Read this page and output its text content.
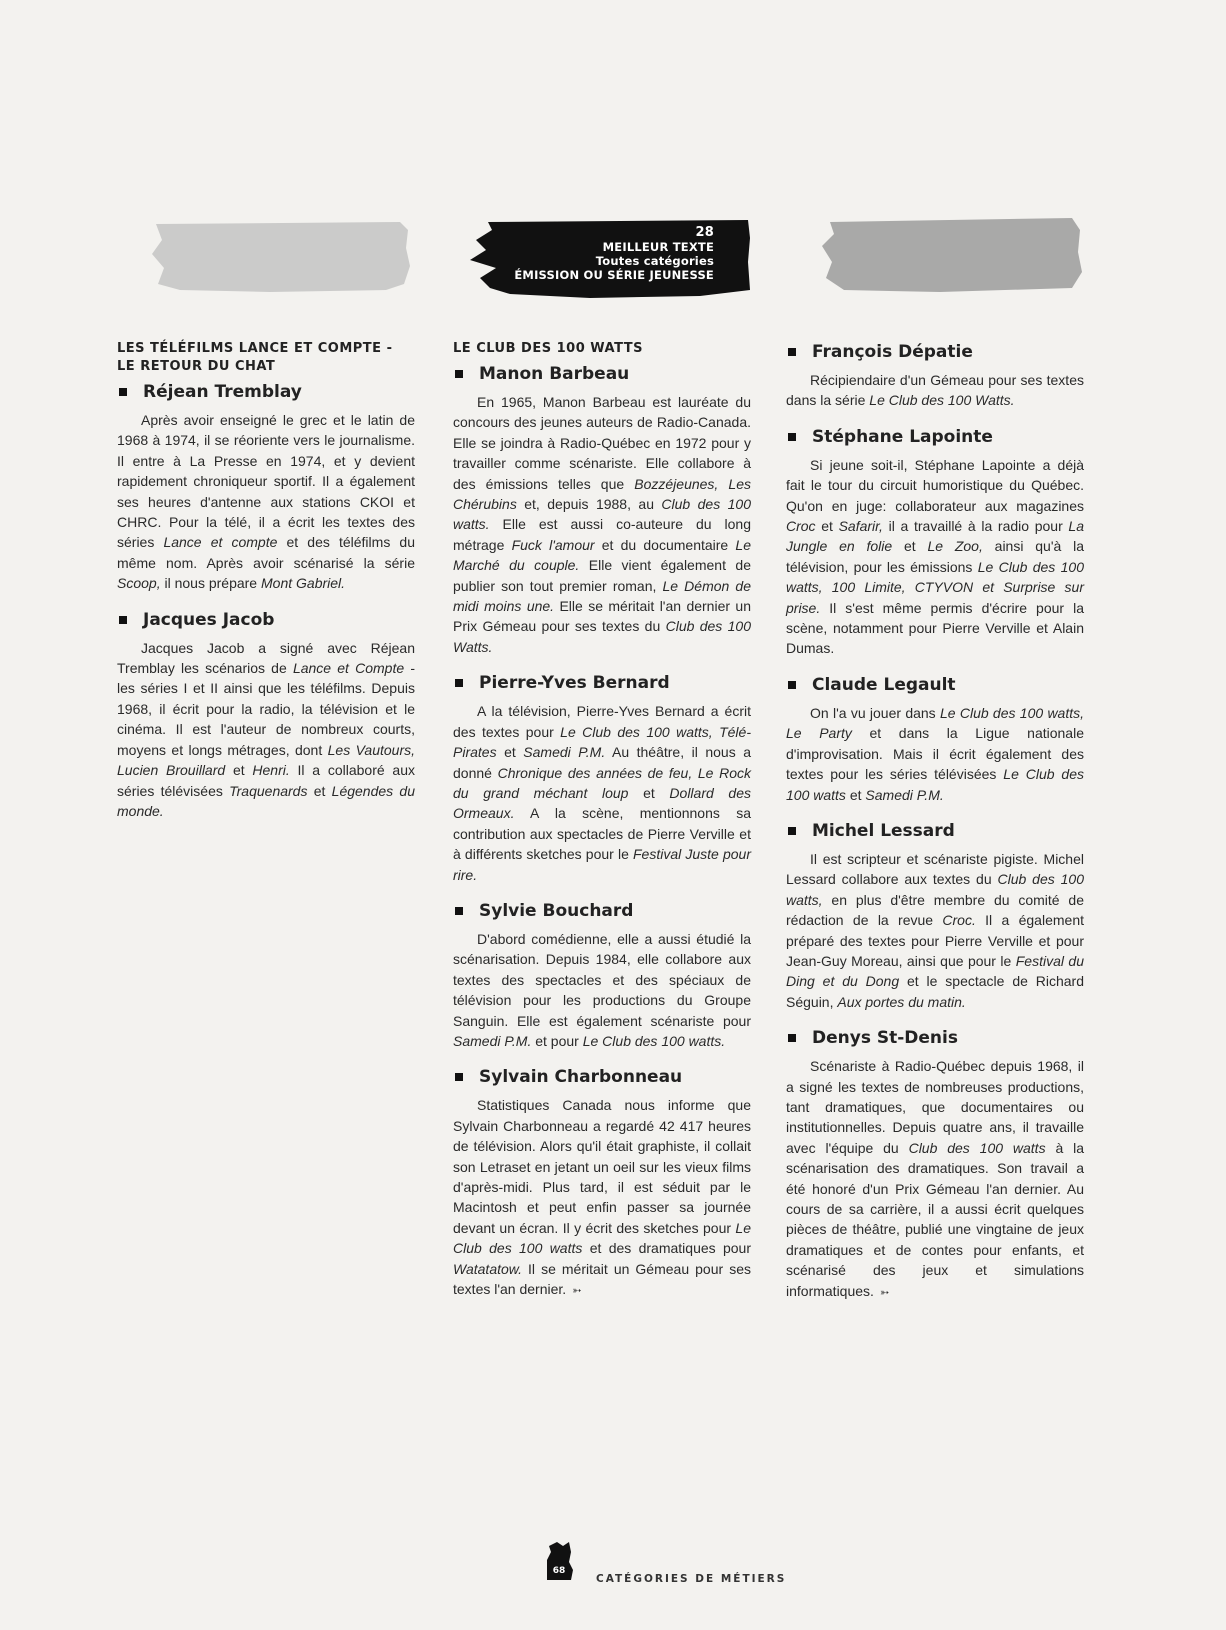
28
MEILLEUR TEXTE
Toutes catégories
ÉMISSION OU SÉRIE JEUNESSE
LES TÉLÉFILMS LANCE ET COMPTE -
LE RETOUR DU CHAT
Réjean Tremblay

Après avoir enseigné le grec et le latin de 1968 à 1974, il se réoriente vers le journalisme. Il entre à La Presse en 1974, et y devient rapidement chroniqueur sportif. Il a également ses heures d'antenne aux stations CKOI et CHRC. Pour la télé, il a écrit les textes des séries Lance et compte et des téléfilms du même nom. Après avoir scénarisé la série Scoop, il nous prépare Mont Gabriel.

Jacques Jacob

Jacques Jacob a signé avec Réjean Tremblay les scénarios de Lance et Compte - les séries I et II ainsi que les téléfilms. Depuis 1968, il écrit pour la radio, la télévision et le cinéma. Il est l'auteur de nombreux courts, moyens et longs métrages, dont Les Vautours, Lucien Brouillard et Henri. Il a collaboré aux séries télévisées Traquenards et Légendes du monde.

LE CLUB DES 100 WATTS
Manon Barbeau

En 1965, Manon Barbeau est lauréate du concours des jeunes auteurs de Radio-Canada. Elle se joindra à Radio-Québec en 1972 pour y travailler comme scénariste. Elle collabore à des émissions telles que Bozzéjeunes, Les Chérubins et, depuis 1988, au Club des 100 watts. Elle est aussi co-auteure du long métrage Fuck l'amour et du documentaire Le Marché du couple. Elle vient également de publier son tout premier roman, Le Démon de midi moins une. Elle se méritait l'an dernier un Prix Gémeau pour ses textes du Club des 100 Watts.

Pierre-Yves Bernard

A la télévision, Pierre-Yves Bernard a écrit des textes pour Le Club des 100 watts, Télé-Pirates et Samedi P.M. Au théâtre, il nous a donné Chronique des années de feu, Le Rock du grand méchant loup et Dollard des Ormeaux. A la scène, mentionnons sa contribution aux spectacles de Pierre Verville et à différents sketches pour le Festival Juste pour rire.

Sylvie Bouchard

D'abord comédienne, elle a aussi étudié la scénarisation. Depuis 1984, elle collabore aux textes des spectacles et des spéciaux de télévision pour les productions du Groupe Sanguin. Elle est également scénariste pour Samedi P.M. et pour Le Club des 100 watts.

Sylvain Charbonneau

Statistiques Canada nous informe que Sylvain Charbonneau a regardé 42 417 heures de télévision. Alors qu'il était graphiste, il collait son Letraset en jetant un oeil sur les vieux films d'après-midi. Plus tard, il est séduit par le Macintosh et peut enfin passer sa journée devant un écran. Il y écrit des sketches pour Le Club des 100 watts et des dramatiques pour Watatatow. Il se méritait un Gémeau pour ses textes l'an dernier. ➳

François Dépatie

Récipiendaire d'un Gémeau pour ses textes dans la série Le Club des 100 Watts.

Stéphane Lapointe

Si jeune soit-il, Stéphane Lapointe a déjà fait le tour du circuit humoristique du Québec. Qu'on en juge: collaborateur aux magazines Croc et Safarir, il a travaillé à la radio pour La Jungle en folie et Le Zoo, ainsi qu'à la télévision, pour les émissions Le Club des 100 watts, 100 Limite, CTYVON et Surprise sur prise. Il s'est même permis d'écrire pour la scène, notamment pour Pierre Verville et Alain Dumas.

Claude Legault

On l'a vu jouer dans Le Club des 100 watts, Le Party et dans la Ligue nationale d'improvisation. Mais il écrit également des textes pour les séries télévisées Le Club des 100 watts et Samedi P.M.

Michel Lessard

Il est scripteur et scénariste pigiste. Michel Lessard collabore aux textes du Club des 100 watts, en plus d'être membre du comité de rédaction de la revue Croc. Il a également préparé des textes pour Pierre Verville et pour Jean-Guy Moreau, ainsi que pour le Festival du Ding et du Dong et le spectacle de Richard Séguin, Aux portes du matin.

Denys St-Denis

Scénariste à Radio-Québec depuis 1968, il a signé les textes de nombreuses productions, tant dramatiques, que documentaires ou institutionnelles. Depuis quatre ans, il travaille avec l'équipe du Club des 100 watts à la scénarisation des dramatiques. Son travail a été honoré d'un Prix Gémeau l'an dernier. Au cours de sa carrière, il a aussi écrit quelques pièces de théâtre, publié une vingtaine de jeux dramatiques et de contes pour enfants, et scénarisé des jeux et simulations informatiques. ➳

68
CATÉGORIES DE MÉTIERS
